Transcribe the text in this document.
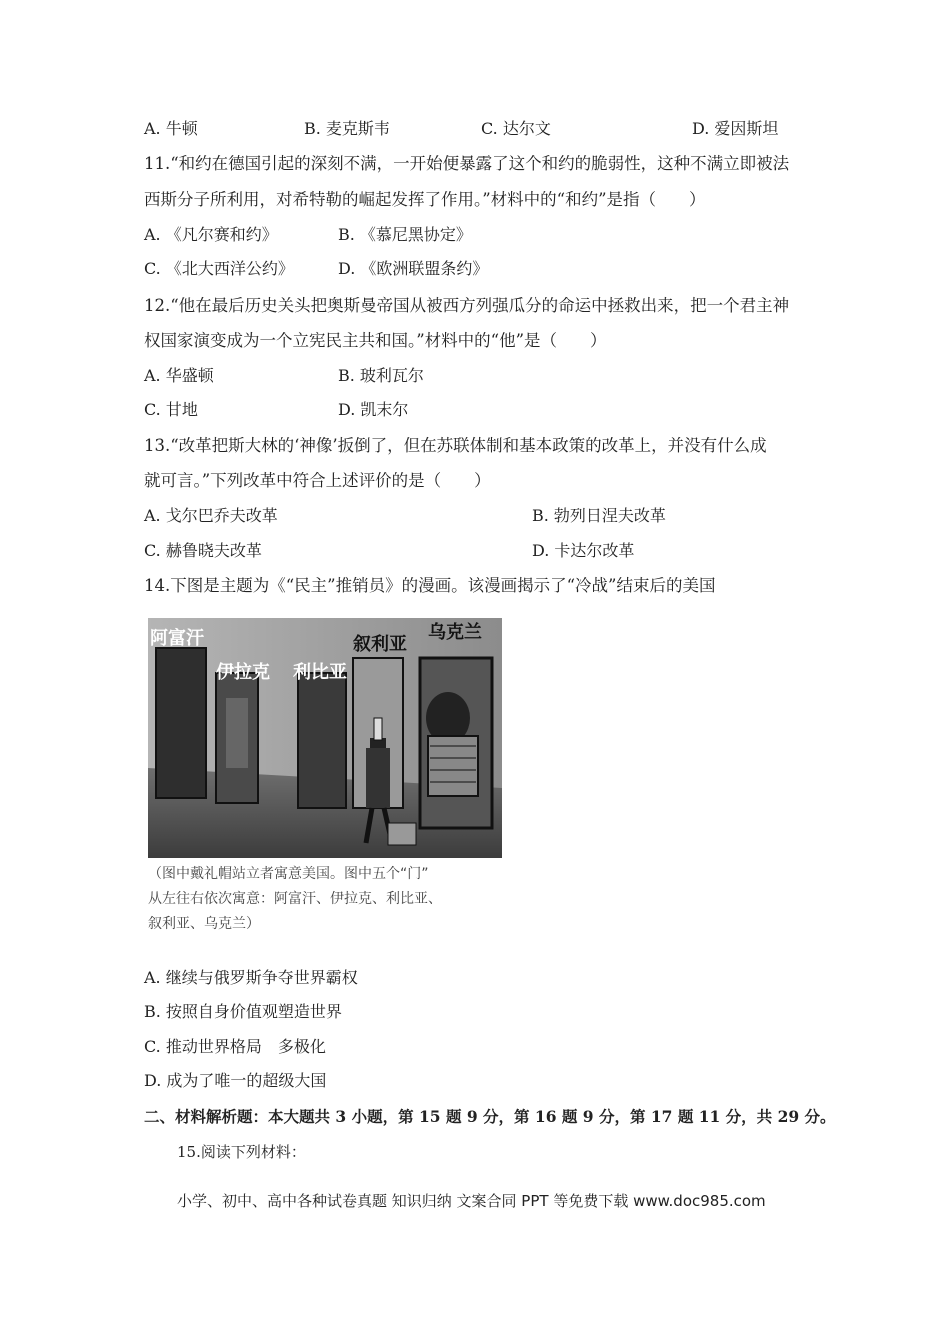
A. 牛顿	B. 麦克斯韦	C. 达尔文	D. 爱因斯坦
11.“和约在德国引起的深刻不满，一开始便暴露了这个和约的脆弱性，这种不满立即被法
西斯分子所利用，对希特勒的崛起发挥了作用。”材料中的“和约”是指（　　）
A. 《凡尔赛和约》	B. 《慕尼黑协定》
C. 《北大西洋公约》	D. 《欧洲联盟条约》
12.“他在最后历史关头把奥斯曼帝国从被西方列强瓜分的命运中拯救出来，把一个君主神
权国家演变成为一个立宪民主共和国。”材料中的“他”是（　　）
A. 华盛顿	B. 玻利瓦尔
C. 甘地	D. 凯末尔
13.“改革把斯大林的‘神像’扳倒了，但在苏联体制和基本政策的改革上，并没有什么成
就可言。”下列改革中符合上述评价的是（　　）
A. 戈尔巴乔夫改革	B. 勃列日涅夫改革
C. 赫鲁晓夫改革	D. 卡达尔改革
14.下图是主题为《“民主”推销员》的漫画。该漫画揭示了“冷战”结束后的美国
阿富汗
伊拉克 利比亚
叙利亚
乌克兰
（图中戴礼帽站立者寓意美国。图中五个“门”
从左往右依次寓意：阿富汗、伊拉克、利比亚、
叙利亚、乌克兰）
A. 继续与俄罗斯争夺世界霸权
B. 按照自身价值观塑造世界
C. 推动世界格局　多极化
D. 成为了唯一的超级大国
二、材料解析题：本大题共 3 小题，第 15 题 9 分，第 16 题 9 分，第 17 题 11 分，共 29 分。
15.阅读下列材料：
小学、初中、高中各种试卷真题 知识归纳 文案合同 PPT 等免费下载 www.doc985.com
